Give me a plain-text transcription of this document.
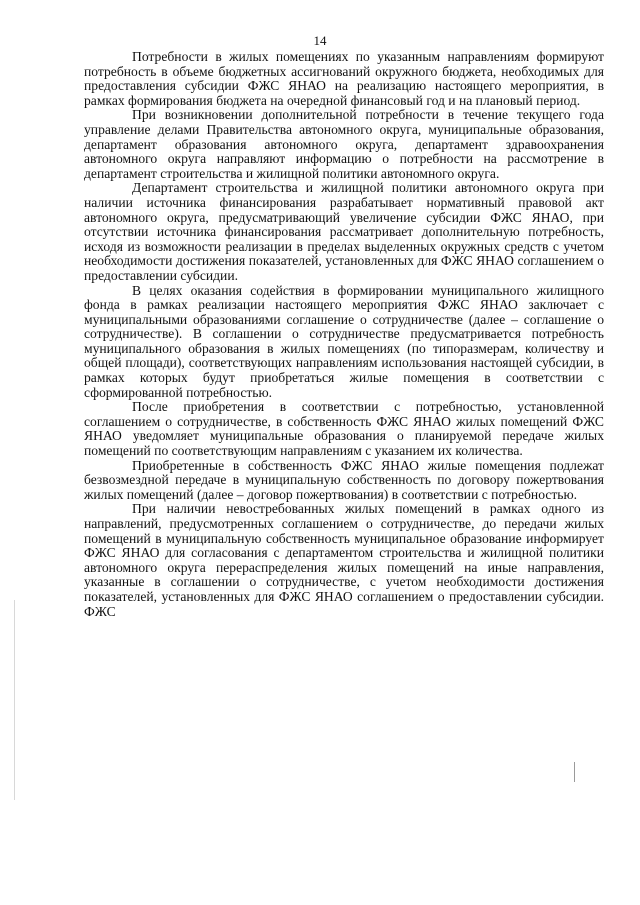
14

Потребности в жилых помещениях по указанным направлениям формируют потребность в объеме бюджетных ассигнований окружного бюджета, необходимых для предоставления субсидии ФЖС ЯНАО на реализацию настоящего мероприятия, в рамках формирования бюджета на очередной финансовый год и на плановый период.

При возникновении дополнительной потребности в течение текущего года управление делами Правительства автономного округа, муниципальные образования, департамент образования автономного округа, департамент здравоохранения автономного округа направляют информацию о потребности на рассмотрение в департамент строительства и жилищной политики автономного округа.

Департамент строительства и жилищной политики автономного округа при наличии источника финансирования разрабатывает нормативный правовой акт автономного округа, предусматривающий увеличение субсидии ФЖС ЯНАО, при отсутствии источника финансирования рассматривает дополнительную потребность, исходя из возможности реализации в пределах выделенных окружных средств с учетом необходимости достижения показателей, установленных для ФЖС ЯНАО соглашением о предоставлении субсидии.

В целях оказания содействия в формировании муниципального жилищного фонда в рамках реализации настоящего мероприятия ФЖС ЯНАО заключает с муниципальными образованиями соглашение о сотрудничестве (далее – соглашение о сотрудничестве). В соглашении о сотрудничестве предусматривается потребность муниципального образования в жилых помещениях (по типоразмерам, количеству и общей площади), соответствующих направлениям использования настоящей субсидии, в рамках которых будут приобретаться жилые помещения в соответствии с сформированной потребностью.

После приобретения в соответствии с потребностью, установленной соглашением о сотрудничестве, в собственность ФЖС ЯНАО жилых помещений ФЖС ЯНАО уведомляет муниципальные образования о планируемой передаче жилых помещений по соответствующим направлениям с указанием их количества.

Приобретенные в собственность ФЖС ЯНАО жилые помещения подлежат безвозмездной передаче в муниципальную собственность по договору пожертвования жилых помещений (далее – договор пожертвования) в соответствии с потребностью.

При наличии невостребованных жилых помещений в рамках одного из направлений, предусмотренных соглашением о сотрудничестве, до передачи жилых помещений в муниципальную собственность муниципальное образование информирует ФЖС ЯНАО для согласования с департаментом строительства и жилищной политики автономного округа перераспределения жилых помещений на иные направления, указанные в соглашении о сотрудничестве, с учетом необходимости достижения показателей, установленных для ФЖС ЯНАО соглашением о предоставлении субсидии. ФЖС
